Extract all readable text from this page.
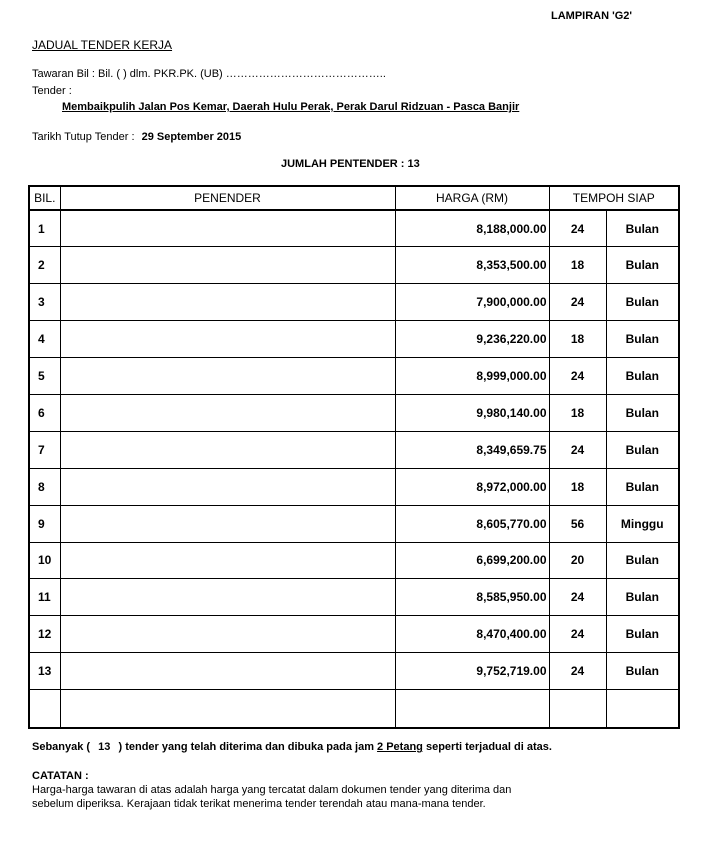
LAMPIRAN 'G2'
JADUAL TENDER KERJA
Tawaran Bil : Bil. ( ) dlm. PKR.PK. (UB) ……………………………………..
Tender :
Membaikpulih Jalan Pos Kemar, Daerah Hulu Perak, Perak Darul Ridzuan - Pasca Banjir
Tarikh Tutup Tender : 29 September 2015
JUMLAH PENTENDER : 13
BIL.	PENENDER	HARGA (RM)	TEMPOH SIAP	
1		8,188,000.00	24	Bulan
2		8,353,500.00	18	Bulan
3		7,900,000.00	24	Bulan
4		9,236,220.00	18	Bulan
5		8,999,000.00	24	Bulan
6		9,980,140.00	18	Bulan
7		8,349,659.75	24	Bulan
8		8,972,000.00	18	Bulan
9		8,605,770.00	56	Minggu
10		6,699,200.00	20	Bulan
11		8,585,950.00	24	Bulan
12		8,470,400.00	24	Bulan
13		9,752,719.00	24	Bulan

Sebanyak ( 13 ) tender yang telah diterima dan dibuka pada jam 2 Petang seperti terjadual di atas.
CATATAN :
Harga-harga tawaran di atas adalah harga yang tercatat dalam dokumen tender yang diterima dan
sebelum diperiksa. Kerajaan tidak terikat menerima tender terendah atau mana-mana tender.
